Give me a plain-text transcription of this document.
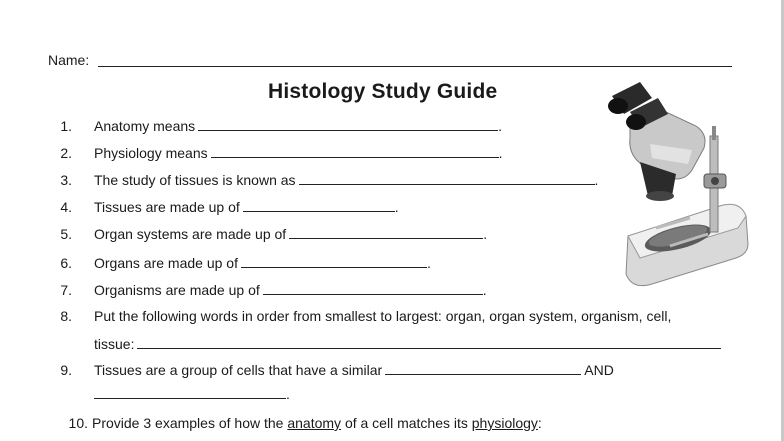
Name:
Histology Study Guide
1. Anatomy means	.
2. Physiology means	.
3. The study of tissues is known as	.
4. Tissues are made up of	.
5. Organ systems are made up of	.
6. Organs are made up of	.
7. Organisms are made up of	.
8. Put the following words in order from smallest to largest: organ, organ system, organism, cell,
tissue:
9. Tissues are a group of cells that have a similar	AND
.
10. Provide 3 examples of how the anatomy of a cell matches its physiology:
